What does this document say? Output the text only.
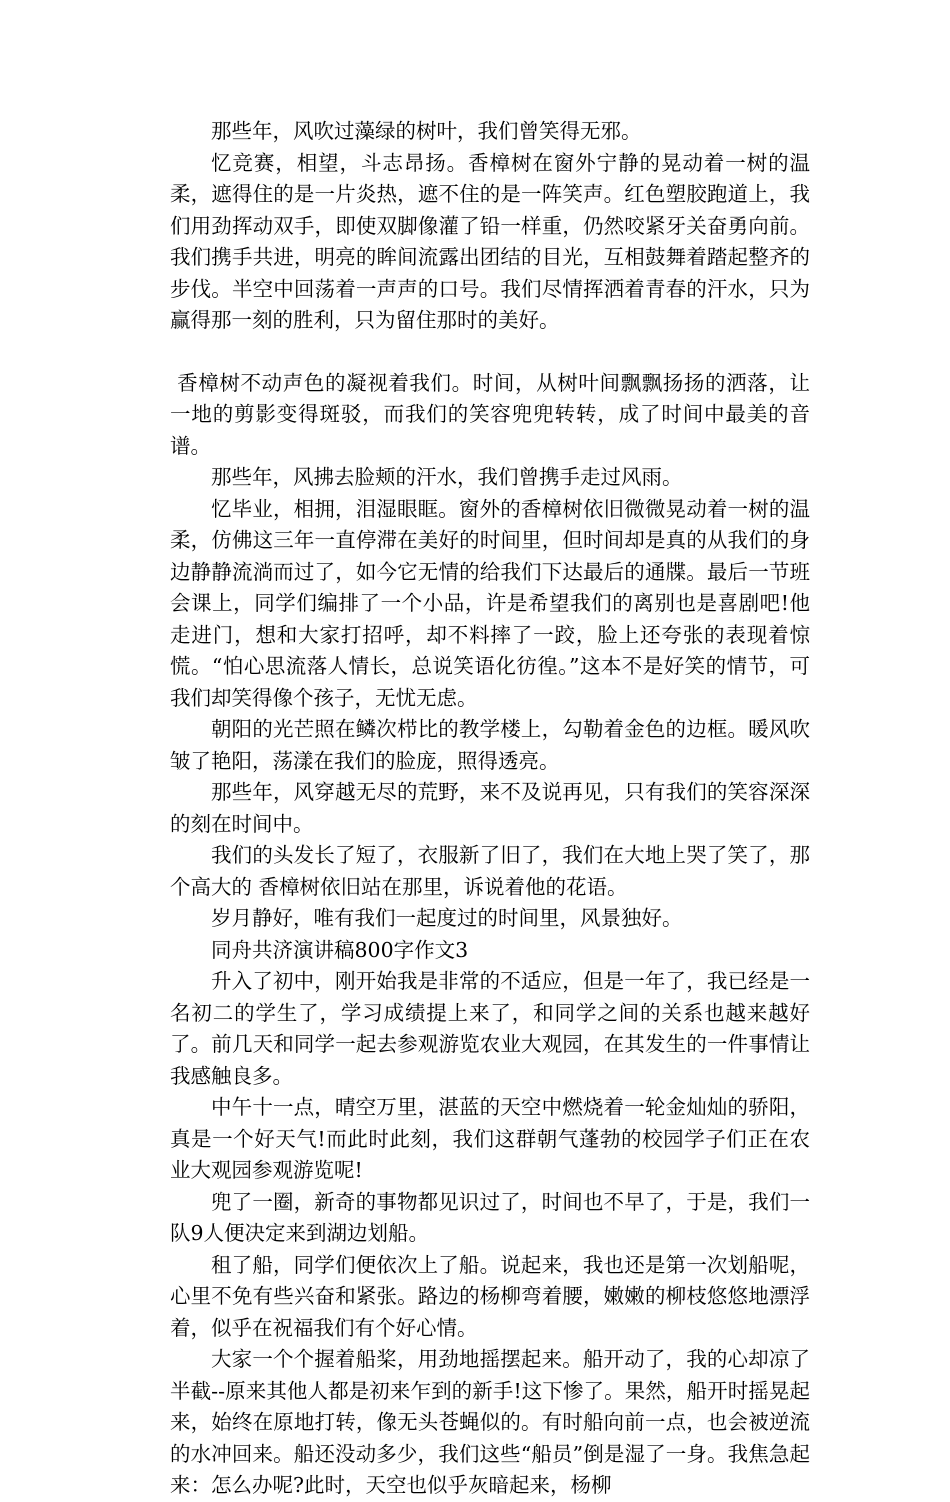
那些年，风吹过藻绿的树叶，我们曾笑得无邪。

忆竞赛，相望，斗志昂扬。香樟树在窗外宁静的晃动着一树的温柔，遮得住的是一片炎热，遮不住的是一阵笑声。红色塑胶跑道上，我们用劲挥动双手，即使双脚像灌了铅一样重，仍然咬紧牙关奋勇向前。我们携手共进，明亮的眸间流露出团结的目光，互相鼓舞着踏起整齐的步伐。半空中回荡着一声声的口号。我们尽情挥洒着青春的汗水，只为赢得那一刻的胜利，只为留住那时的美好。

香樟树不动声色的凝视着我们。时间，从树叶间飘飘扬扬的洒落，让一地的剪影变得斑驳，而我们的笑容兜兜转转，成了时间中最美的音谱。

那些年，风拂去脸颊的汗水，我们曾携手走过风雨。

忆毕业，相拥，泪湿眼眶。窗外的香樟树依旧微微晃动着一树的温柔，仿佛这三年一直停滞在美好的时间里，但时间却是真的从我们的身边静静流淌而过了，如今它无情的给我们下达最后的通牒。最后一节班会课上，同学们编排了一个小品，许是希望我们的离别也是喜剧吧!他走进门，想和大家打招呼，却不料摔了一跤，脸上还夸张的表现着惊慌。“怕心思流落人情长，总说笑语化彷徨。”这本不是好笑的情节，可我们却笑得像个孩子，无忧无虑。

朝阳的光芒照在鳞次栉比的教学楼上，勾勒着金色的边框。暖风吹皱了艳阳，荡漾在我们的脸庞，照得透亮。

那些年，风穿越无尽的荒野，来不及说再见，只有我们的笑容深深的刻在时间中。

我们的头发长了短了，衣服新了旧了，我们在大地上哭了笑了，那个高大的 香樟树依旧站在那里，诉说着他的花语。

岁月静好，唯有我们一起度过的时间里，风景独好。

同舟共济演讲稿800字作文3

升入了初中，刚开始我是非常的不适应，但是一年了，我已经是一名初二的学生了，学习成绩提上来了，和同学之间的关系也越来越好了。前几天和同学一起去参观游览农业大观园，在其发生的一件事情让我感触良多。

中午十一点，晴空万里，湛蓝的天空中燃烧着一轮金灿灿的骄阳，真是一个好天气!而此时此刻，我们这群朝气蓬勃的校园学子们正在农业大观园参观游览呢!

兜了一圈，新奇的事物都见识过了，时间也不早了，于是，我们一队9人便决定来到湖边划船。

租了船，同学们便依次上了船。说起来，我也还是第一次划船呢，心里不免有些兴奋和紧张。路边的杨柳弯着腰，嫩嫩的柳枝悠悠地漂浮着，似乎在祝福我们有个好心情。

大家一个个握着船桨，用劲地摇摆起来。船开动了，我的心却凉了半截--原来其他人都是初来乍到的新手!这下惨了。果然，船开时摇晃起来，始终在原地打转，像无头苍蝇似的。有时船向前一点，也会被逆流的水冲回来。船还没动多少，我们这些“船员”倒是湿了一身。我焦急起来：怎么办呢?此时，天空也似乎灰暗起来，杨柳
